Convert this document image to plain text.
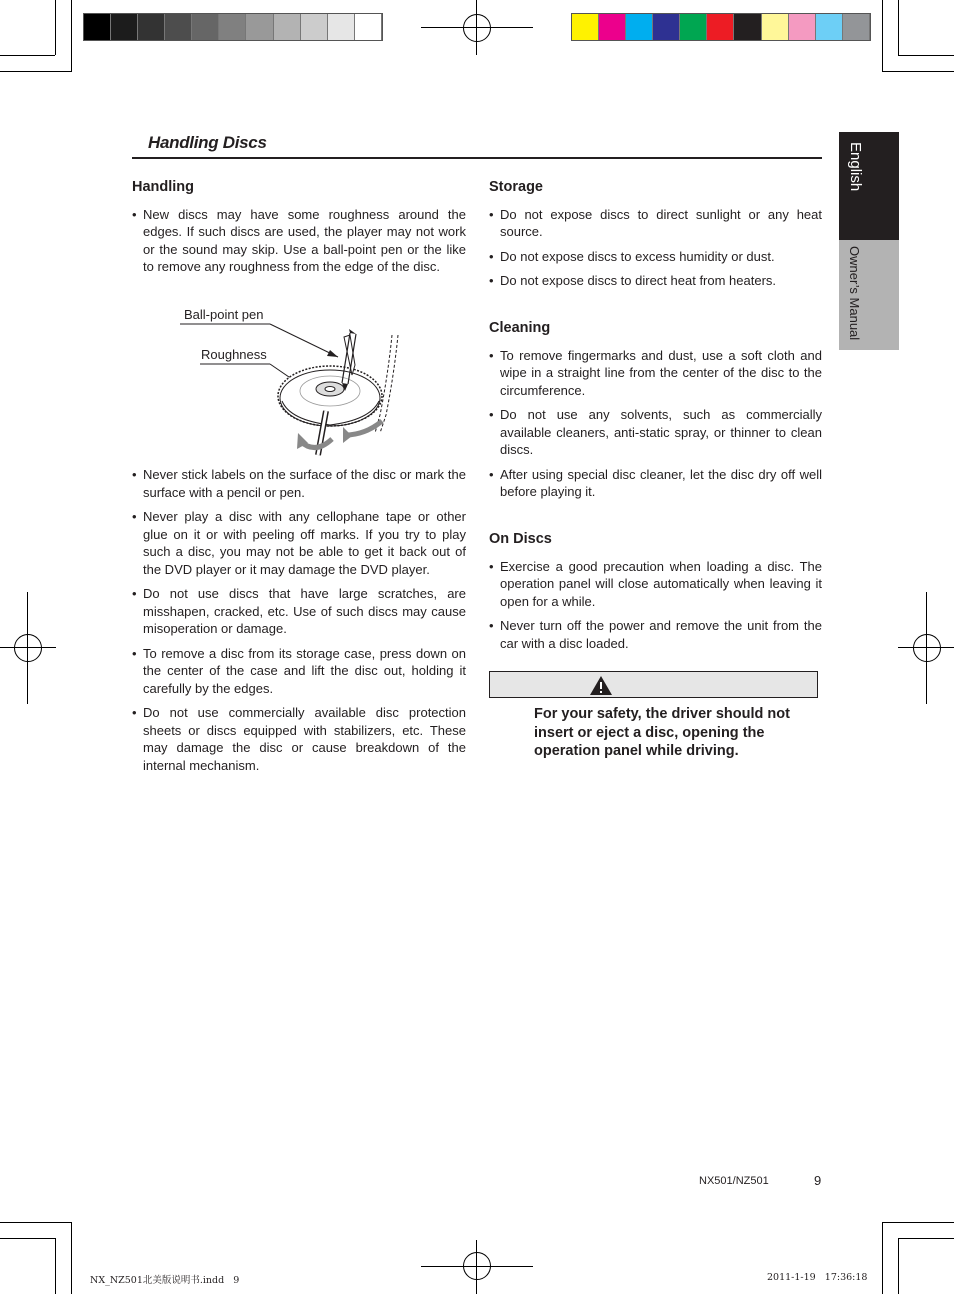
Handling Discs	English
Owner’s Manual
Handling
• New discs may have some roughness around the edges. If such discs are used, the player may not work or the sound may skip. Use a ball-point pen or the like to remove any roughness from the edge of the disc.
Ball-point pen
Roughness
• Never stick labels on the surface of the disc or mark the surface with a pencil or pen.
• Never play a disc with any cellophane tape or other glue on it or with peeling off marks. If you try to play such a disc, you may not be able to get it back out of the DVD player or it may damage the DVD player.
• Do not use discs that have large scratches, are misshapen, cracked, etc. Use of such discs may cause misoperation or damage.
• To remove a disc from its storage case, press down on the center of the case and lift the disc out, holding it carefully by the edges.
• Do not use commercially available disc protection sheets or discs equipped with stabilizers, etc. These may damage the disc or cause breakdown of the internal mechanism.
Storage
• Do not expose discs to direct sunlight or any heat source.
• Do not expose discs to excess humidity or dust.
• Do not expose discs to direct heat from heaters.
Cleaning
• To remove fingermarks and dust, use a soft cloth and wipe in a straight line from the center of the disc to the circumference.
• Do not use any solvents, such as commercially available cleaners, anti-static spray, or thinner to clean discs.
• After using special disc cleaner, let the disc dry off well before playing it.
On Discs
• Exercise a good precaution when loading a disc. The operation panel will close automatically when leaving it open for a while.
• Never turn off the power and remove the unit from the car with a disc loaded.
For your safety, the driver should not insert or eject a disc, opening the operation panel while driving.
NX501/NZ501	9
NX_NZ501北美版说明书.indd   9	2011-1-19   17:36:18
